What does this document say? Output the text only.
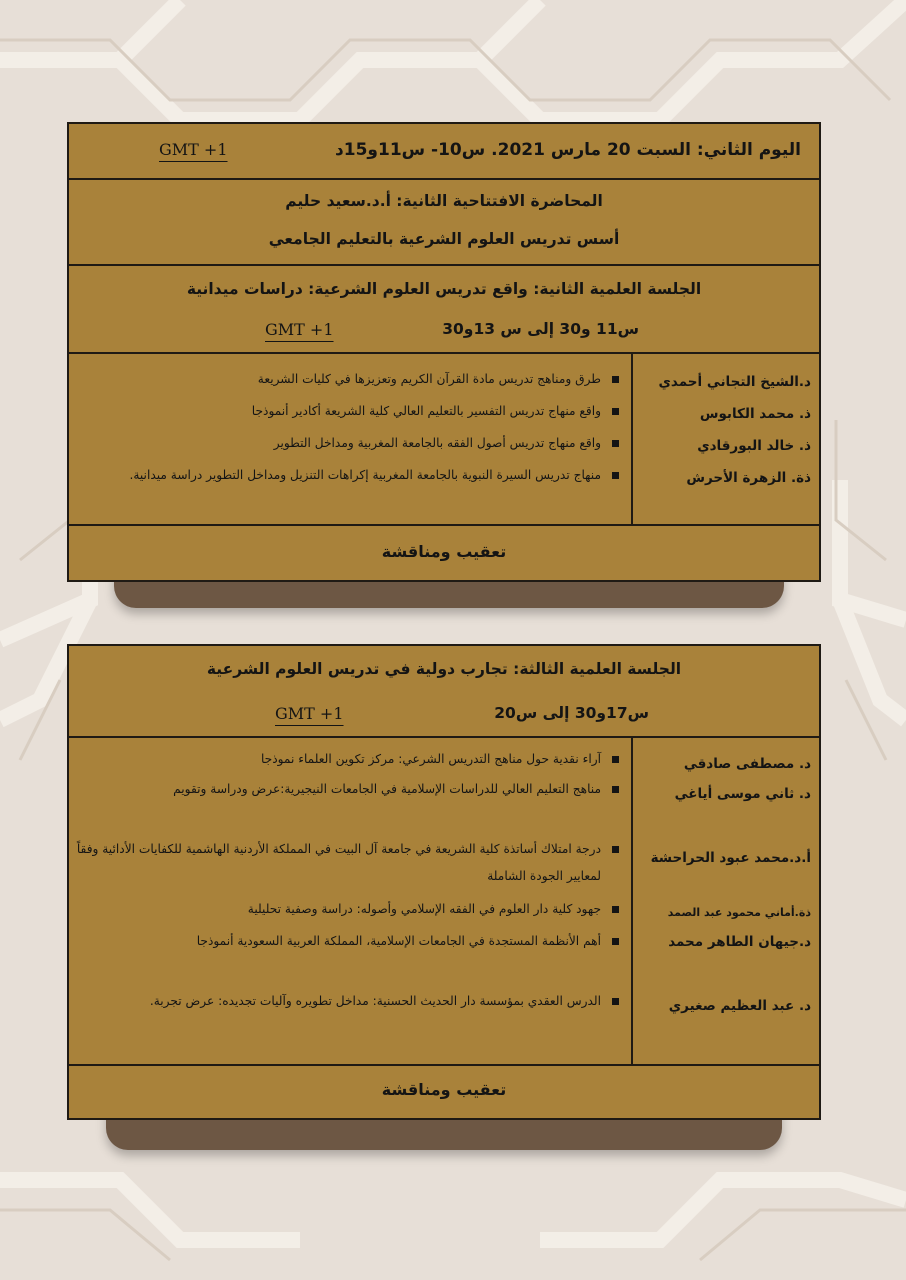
اليوم الثاني: السبت 20 مارس 2021. س10- س11و15د
GMT +1
المحاضرة الافتتاحية الثانية: أ.د.سعيد حليم
أسس تدريس العلوم الشرعية بالتعليم الجامعي
الجلسة العلمية الثانية: واقع تدريس العلوم الشرعية: دراسات ميدانية
س11 و30 إلى س 13و30
GMT +1
د.الشيخ التجاني أحمدي
ذ. محمد الكابوس
ذ. خالد البورقادي
ذة. الزهرة الأحرش
طرق ومناهج تدريس مادة القرآن الكريم وتعزيزها في كليات الشريعة
واقع منهاج تدريس التفسير بالتعليم العالي كلية الشريعة أكادير أنموذجا
واقع منهاج تدريس أصول الفقه بالجامعة المغربية ومداخل التطوير
منهاج تدريس السيرة النبوية بالجامعة المغربية إكراهات التنزيل ومداخل التطوير دراسة ميدانية.
تعقيب ومناقشة
الجلسة العلمية الثالثة: تجارب دولية في تدريس العلوم الشرعية
س17و30 إلى س20
GMT +1
د. مصطفى صادقي
د. ثاني موسى أياغي
أ.د.محمد عبود الحراحشة
ذة.أماني محمود عبد الصمد
د.جيهان الطاهر محمد
د. عبد العظيم صغيري
آراء نقدية حول مناهج التدريس الشرعي: مركز تكوين العلماء نموذجا
مناهج التعليم العالي للدراسات الإسلامية في الجامعات النيجيرية:عرض ودراسة وتقويم
درجة امتلاك أساتذة كلية الشريعة في جامعة آل البيت في المملكة الأردنية الهاشمية للكفايات الأدائية وفقاً لمعايير الجودة الشاملة
جهود كلية دار العلوم في الفقه الإسلامي وأصوله: دراسة وصفية تحليلية
أهم الأنظمة المستجدة في الجامعات الإسلامية، المملكة العربية السعودية أنموذجا
الدرس العقدي بمؤسسة دار الحديث الحسنية: مداخل تطويره وآليات تجديده: عرض تجربة.
تعقيب ومناقشة
